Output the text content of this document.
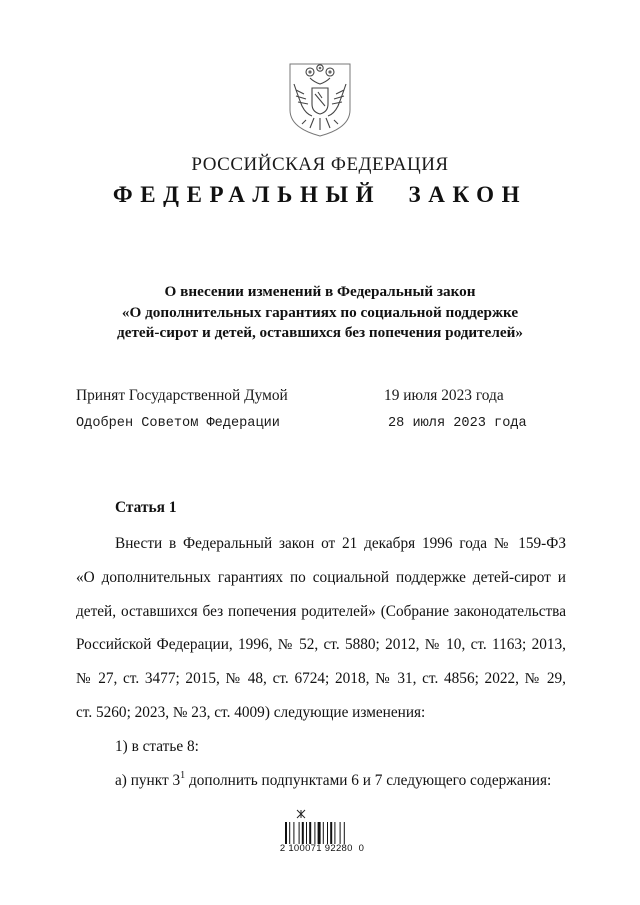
РОССИЙСКАЯ ФЕДЕРАЦИЯ
ФЕДЕРАЛЬНЫЙ ЗАКОН
О внесении изменений в Федеральный закон
«О дополнительных гарантиях по социальной поддержке
детей-сирот и детей, оставшихся без попечения родителей»
Принят Государственной Думой	19 июля 2023 года
Одобрен Советом Федерации	28 июля 2023 года
Статья 1
Внести в Федеральный закон от 21 декабря 1996 года № 159-ФЗ
«О дополнительных гарантиях по социальной поддержке детей-сирот и
детей, оставшихся без попечения родителей» (Собрание законодательства
Российской Федерации, 1996, № 52, ст. 5880; 2012, № 10, ст. 1163; 2013,
№ 27, ст. 3477; 2015, № 48, ст. 6724; 2018, № 31, ст. 4856; 2022, № 29,
ст. 5260; 2023, № 23, ст. 4009) следующие изменения:
1) в статье 8:
а) пункт $3^1$ дополнить подпунктами 6 и 7 следующего содержания:
2 100071 92280  0
